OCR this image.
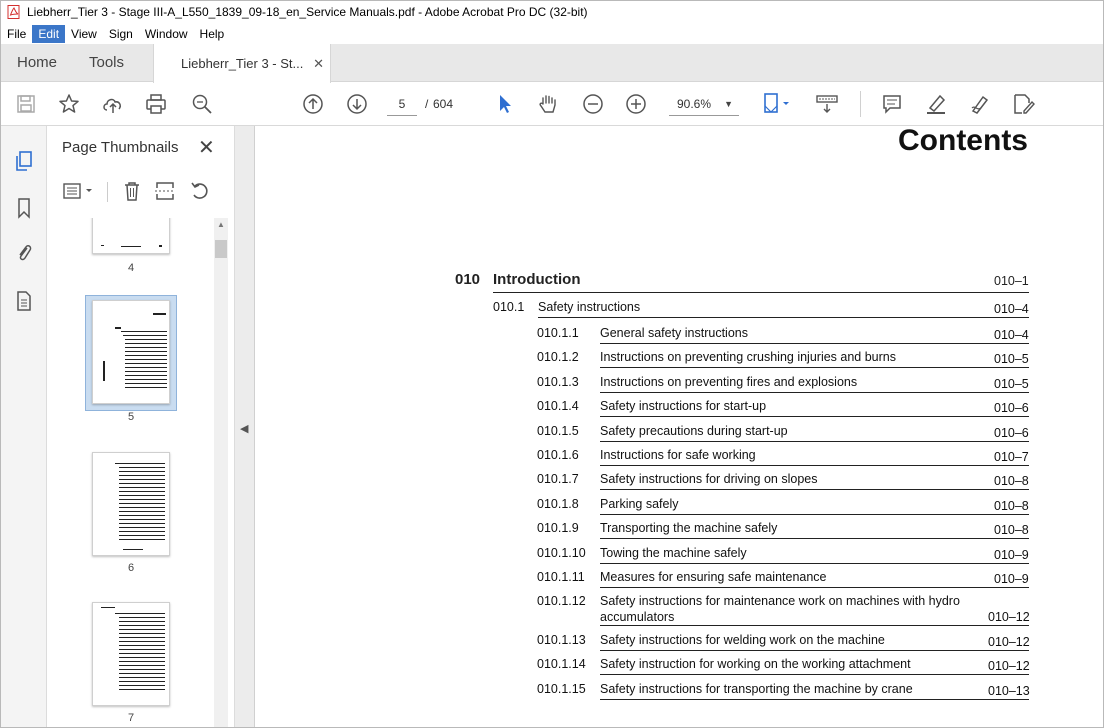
Liebherr_Tier 3 - Stage III-A_L550_1839_09-18_en_Service Manuals.pdf - Adobe Acrobat Pro DC (32-bit)
File	Edit	View	Sign	Window	Help
Home Tools	Liebherr_Tier 3 - St... ✕
5	/ 604	90.6% ▼
Page Thumbnails ✕
4
5
6
7
▲
◀
Contents
010 Introduction	010–1
010.1 Safety instructions	010–4
010.1.1 General safety instructions	010–4
010.1.2 Instructions on preventing crushing injuries and burns	010–5
010.1.3 Instructions on preventing fires and explosions	010–5
010.1.4 Safety instructions for start-up	010–6
010.1.5 Safety precautions during start-up	010–6
010.1.6 Instructions for safe working	010–7
010.1.7 Safety instructions for driving on slopes	010–8
010.1.8 Parking safely	010–8
010.1.9 Transporting the machine safely	010–8
010.1.10 Towing the machine safely	010–9
010.1.11 Measures for ensuring safe maintenance	010–9
010.1.12 Safety instructions for maintenance work on machines with hydro
accumulators	010–12
010.1.13 Safety instructions for welding work on the machine	010–12
010.1.14 Safety instruction for working on the working attachment	010–12
010.1.15 Safety instructions for transporting the machine by crane	010–13
